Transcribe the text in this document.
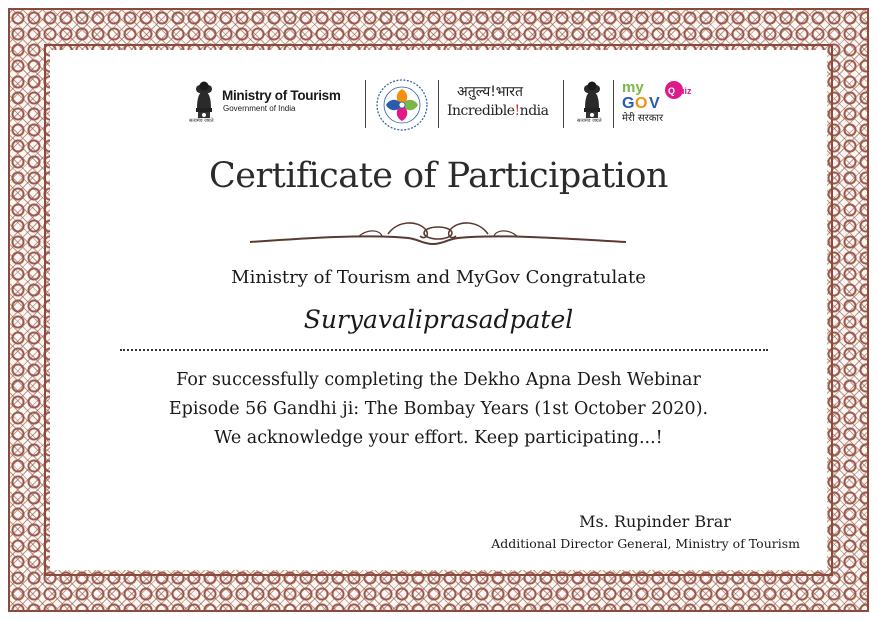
सत्यमेव जयते
Ministry of Tourism
Government of India
अतुल्य!भारत
Incredible!ndia
सत्यमेव जयते
my
G O V
Q uiz
मेरी सरकार
Certificate of Participation
Ministry of Tourism and MyGov Congratulate
Suryavaliprasadpatel
For successfully completing the Dekho Apna Desh Webinar
Episode 56 Gandhi ji: The Bombay Years (1st October 2020).
We acknowledge your effort. Keep participating...!
Ms. Rupinder Brar
Additional Director General, Ministry of Tourism
